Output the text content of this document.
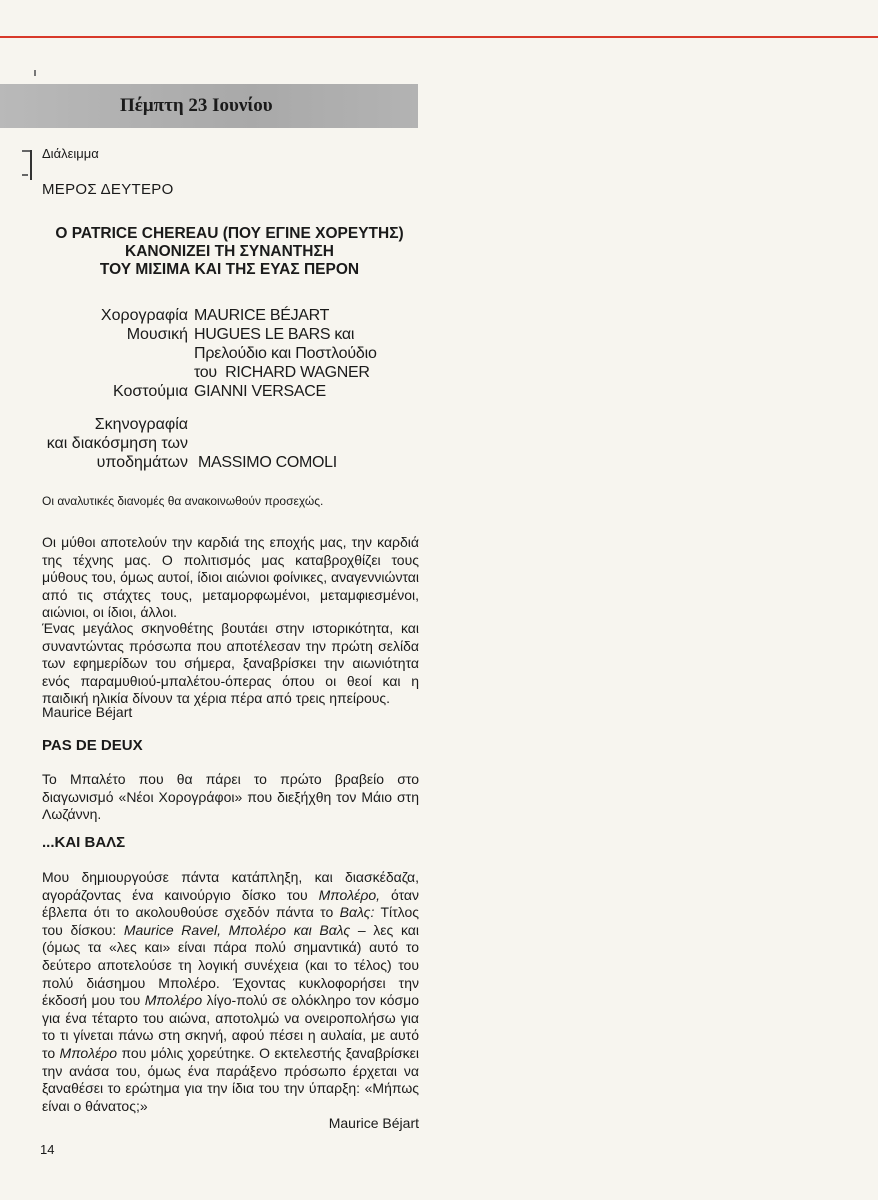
Πέμπτη 23 Ιουνίου
Διάλειμμα
ΜΕΡΟΣ ΔΕΥΤΕΡΟ
Ο PATRICE CHEREAU (ΠΟΥ ΕΓΙΝΕ ΧΟΡΕΥΤΗΣ)
ΚΑΝΟΝΙΖΕΙ ΤΗ ΣΥΝΑΝΤΗΣΗ
ΤΟΥ ΜΙΣΙΜΑ ΚΑΙ ΤΗΣ ΕΥΑΣ ΠΕΡΟΝ
Χορογραφία MAURICE BÉJART
Μουσική HUGUES LE BARS και
Πρελούδιο και Ποστλούδιο
του RICHARD WAGNER
Κοστούμια GIANNI VERSACE
Σκηνογραφία
και διακόσμηση των
υποδημάτων MASSIMO COMOLI
Οι αναλυτικές διανομές θα ανακοινωθούν προσεχώς.
Οι μύθοι αποτελούν την καρδιά της εποχής μας, την καρδιά της τέχνης μας. Ο πολιτισμός μας καταβροχθίζει τους μύθους του, όμως αυτοί, ίδιοι αιώνιοι φοίνικες, αναγεννιώνται από τις στάχτες τους, μεταμορφωμένοι, μεταμφιεσμένοι, αιώνιοι, οι ίδιοι, άλλοι.
Ένας μεγάλος σκηνοθέτης βουτάει στην ιστορικότητα, και συναντώντας πρόσωπα που αποτέλεσαν την πρώτη σελίδα των εφημερίδων του σήμερα, ξαναβρίσκει την αιωνιότητα ενός παραμυθιού-μπαλέτου-όπερας όπου οι θεοί και η παιδική ηλικία δίνουν τα χέρια πέρα από τρεις ηπείρους.
Maurice Béjart
PAS DE DEUX
Το Μπαλέτο που θα πάρει το πρώτο βραβείο στο διαγωνισμό «Νέοι Χορογράφοι» που διεξήχθη τον Μάιο στη Λωζάννη.
...ΚΑΙ ΒΑΛΣ
Μου δημιουργούσε πάντα κατάπληξη, και διασκέδαζα, αγοράζοντας ένα καινούργιο δίσκο του Μπολέρο, όταν έβλεπα ότι το ακολουθούσε σχεδόν πάντα το Βαλς: Τίτλος του δίσκου: Maurice Ravel, Μπολέρο και Βαλς – λες και (όμως τα «λες και» είναι πάρα πολύ σημαντικά) αυτό το δεύτερο αποτελούσε τη λογική συνέχεια (και το τέλος) του πολύ διάσημου Μπολέρο. Έχοντας κυκλοφορήσει την έκδοσή μου του Μπολέρο λίγο-πολύ σε ολόκληρο τον κόσμο για ένα τέταρτο του αιώνα, αποτολμώ να ονειροπολήσω για το τι γίνεται πάνω στη σκηνή, αφού πέσει η αυλαία, με αυτό το Μπολέρο που μόλις χορεύτηκε. Ο εκτελεστής ξαναβρίσκει την ανάσα του, όμως ένα παράξενο πρόσωπο έρχεται να ξαναθέσει το ερώτημα για την ίδια του την ύπαρξη: «Μήπως είναι ο θάνατος;»
Maurice Béjart
14
